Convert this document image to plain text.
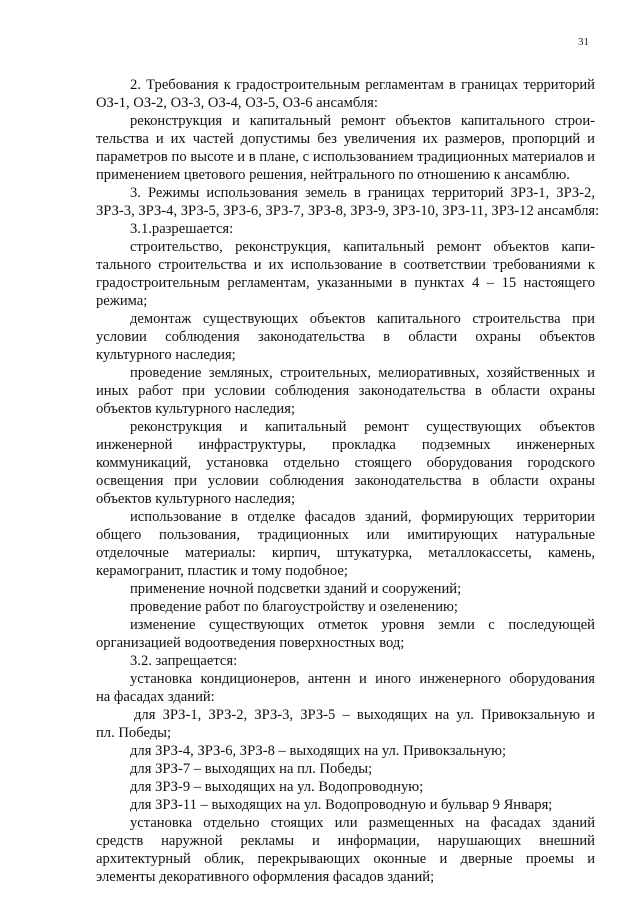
31
2. Требования к градостроительным регламентам в границах территорий
ОЗ-1, ОЗ-2, ОЗ-3, ОЗ-4, ОЗ-5, ОЗ-6 ансамбля:
реконструкция и капитальный ремонт объектов капитального строи-
тельства и их частей допустимы без увеличения их размеров, пропорций и
параметров по высоте и в плане, с использованием традиционных материалов и
применением цветового решения, нейтрального по отношению к ансамблю.
3. Режимы использования земель в границах территорий ЗРЗ-1, ЗРЗ-2,
ЗРЗ-3, ЗРЗ-4, ЗРЗ-5, ЗРЗ-6, ЗРЗ-7, ЗРЗ-8, ЗРЗ-9, ЗРЗ-10, ЗРЗ-11, ЗРЗ-12 ансамбля:
3.1.разрешается:
строительство, реконструкция, капитальный ремонт объектов капи-
тального строительства и их использование в соответствии требованиями к
градостроительным регламентам, указанными в пунктах 4 – 15 настоящего
режима;
демонтаж существующих объектов капитального строительства при
условии соблюдения законодательства в области охраны объектов
культурного наследия;
проведение земляных, строительных, мелиоративных, хозяйственных и
иных работ при условии соблюдения законодательства в области охраны
объектов культурного наследия;
реконструкция и капитальный ремонт существующих объектов
инженерной инфраструктуры, прокладка подземных инженерных
коммуникаций, установка отдельно стоящего оборудования городского
освещения при условии соблюдения законодательства в области охраны
объектов культурного наследия;
использование в отделке фасадов зданий, формирующих территории
общего пользования, традиционных или имитирующих натуральные
отделочные материалы: кирпич, штукатурка, металлокассеты, камень,
керамогранит, пластик и тому подобное;
применение ночной подсветки зданий и сооружений;
проведение работ по благоустройству и озеленению;
изменение существующих отметок уровня земли с последующей
организацией водоотведения поверхностных вод;
3.2. запрещается:
установка кондиционеров, антенн и иного инженерного оборудования
на фасадах зданий:
для ЗРЗ-1, ЗРЗ-2, ЗРЗ-3, ЗРЗ-5 – выходящих на ул. Привокзальную и
пл. Победы;
для ЗРЗ-4, ЗРЗ-6, ЗРЗ-8 – выходящих на ул. Привокзальную;
для ЗРЗ-7 – выходящих на пл. Победы;
для ЗРЗ-9 – выходящих на ул. Водопроводную;
для ЗРЗ-11 – выходящих на ул. Водопроводную и бульвар 9 Января;
установка отдельно стоящих или размещенных на фасадах зданий
средств наружной рекламы и информации, нарушающих внешний
архитектурный облик, перекрывающих оконные и дверные проемы и
элементы декоративного оформления фасадов зданий;
